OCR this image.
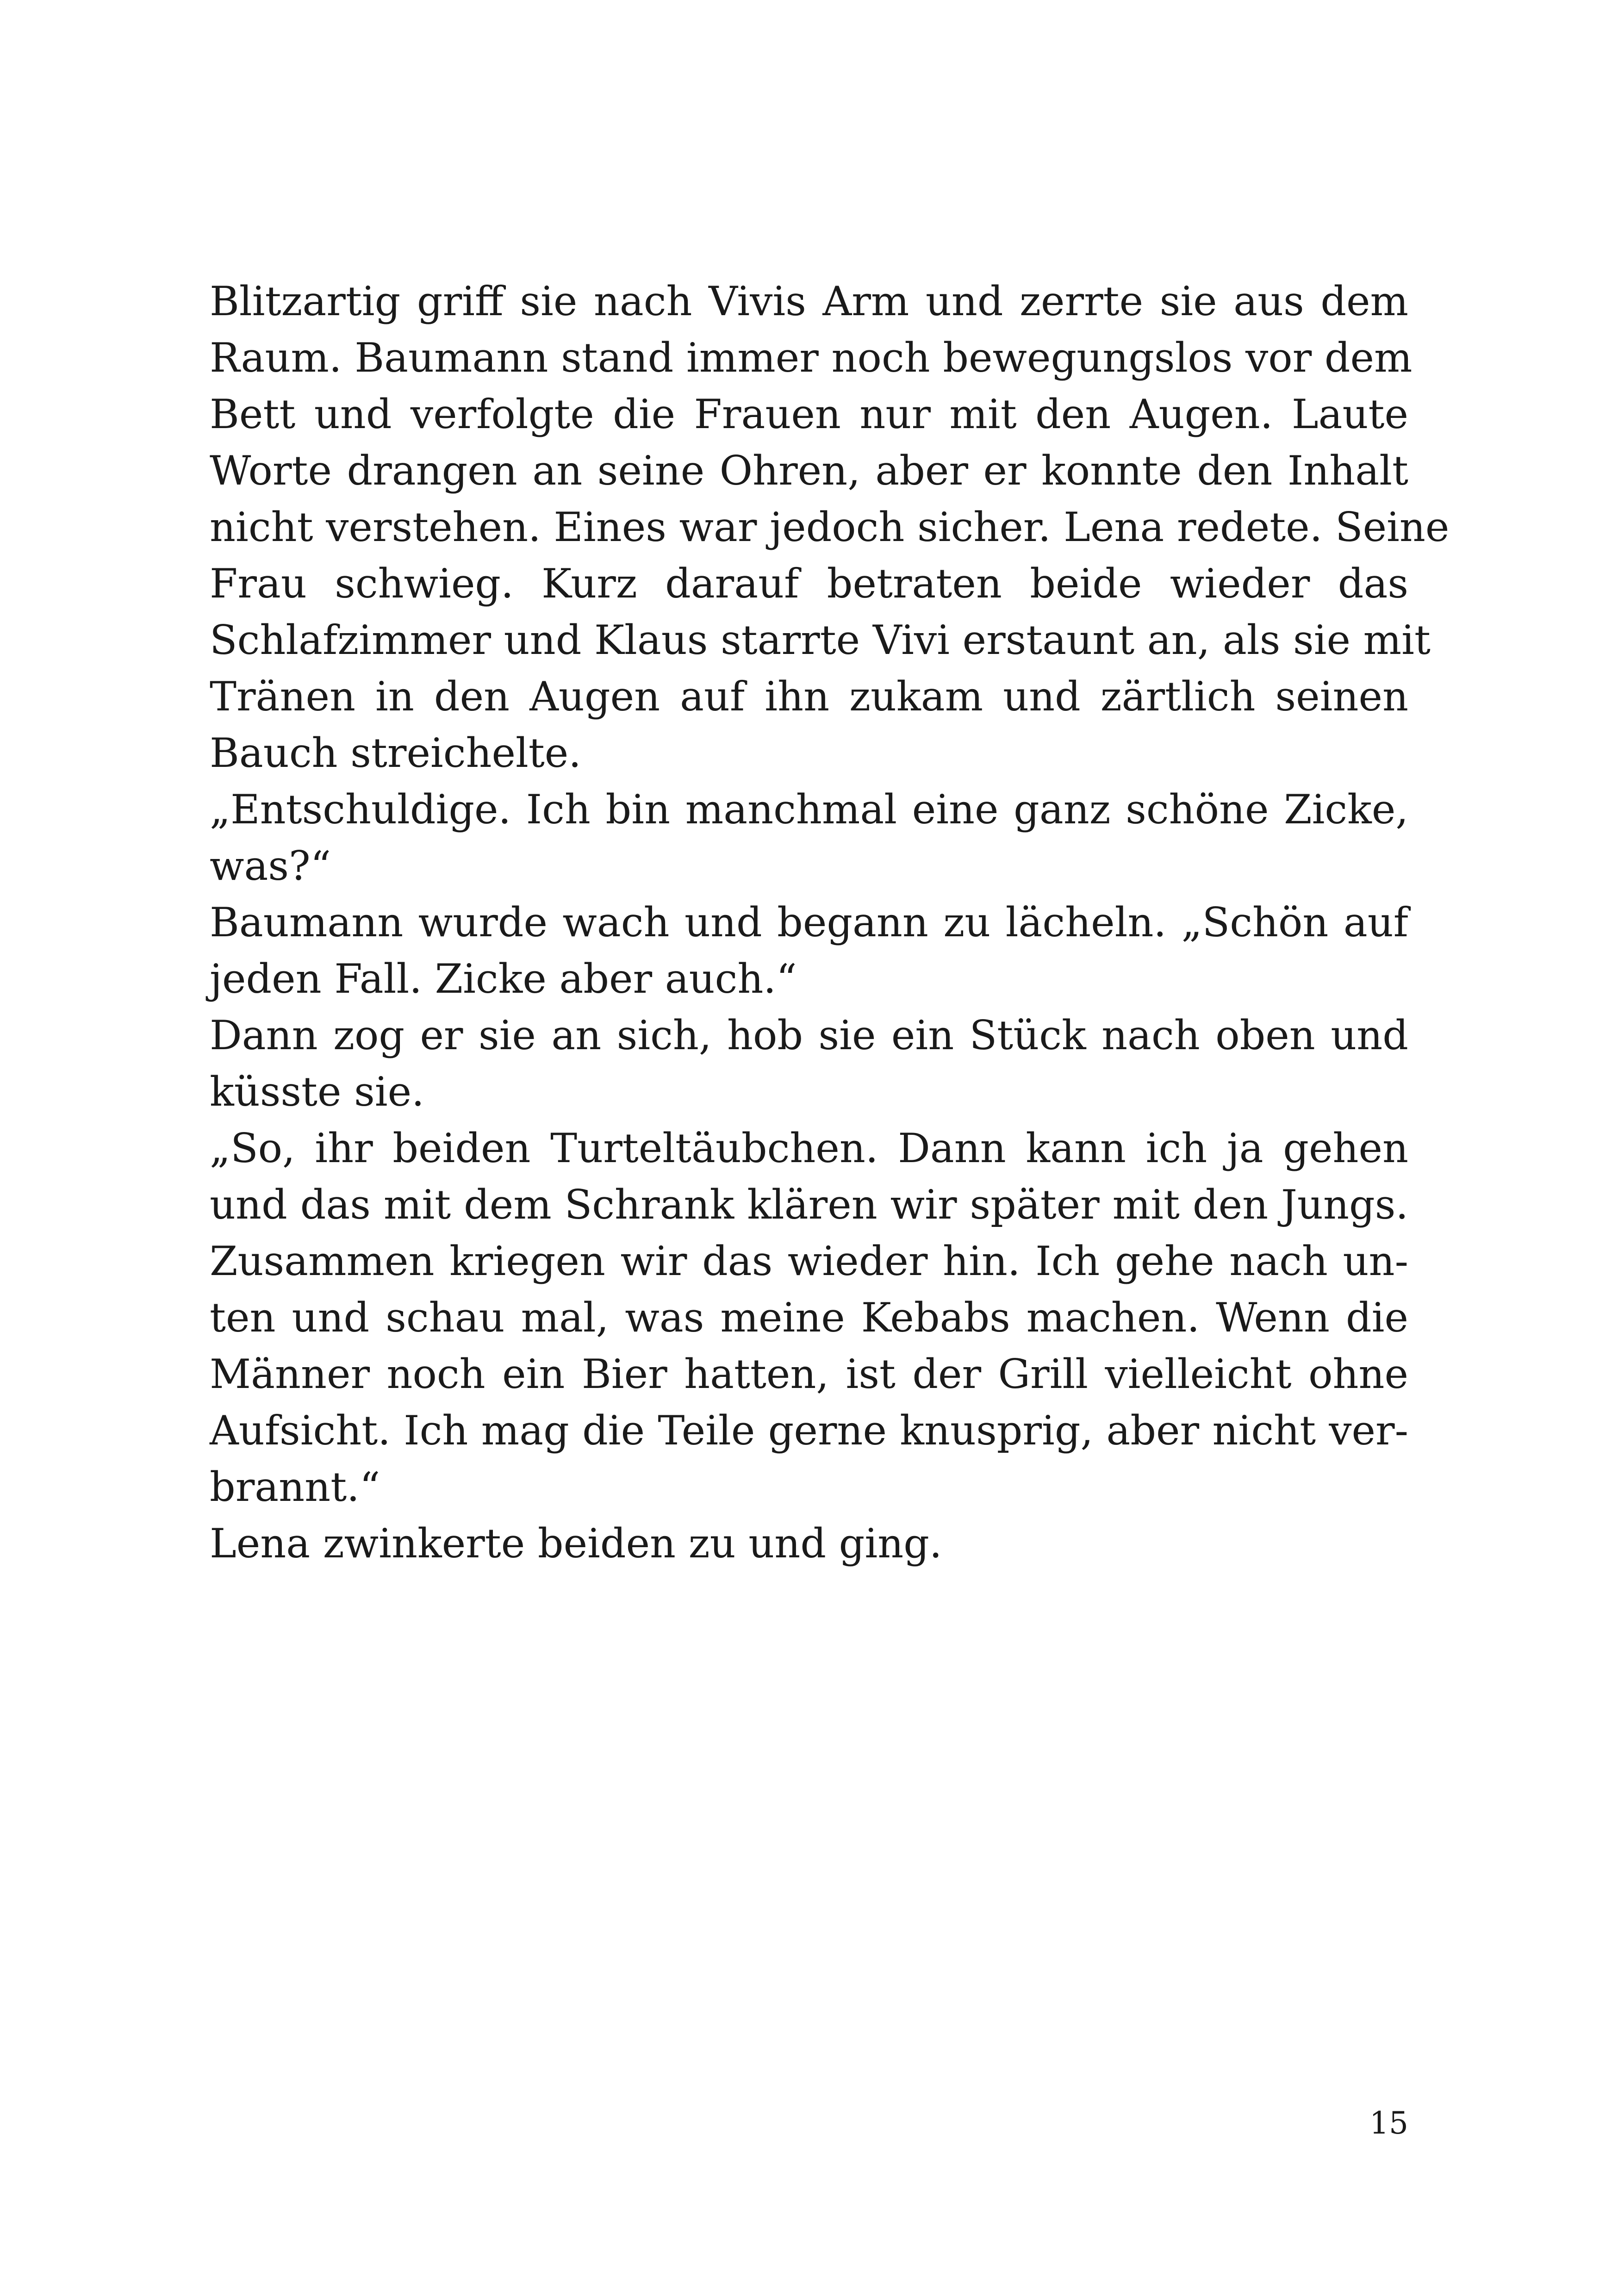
Blitzartig griff sie nach Vivis Arm und zerrte sie aus dem
Raum. Baumann stand immer noch bewegungslos vor dem
Bett und verfolgte die Frauen nur mit den Augen. Laute
Worte drangen an seine Ohren, aber er konnte den Inhalt
nicht verstehen. Eines war jedoch sicher. Lena redete. Seine
Frau schwieg. Kurz darauf betraten beide wieder das
Schlafzimmer und Klaus starrte Vivi erstaunt an, als sie mit
Tränen in den Augen auf ihn zukam und zärtlich seinen
Bauch streichelte.
„Entschuldige. Ich bin manchmal eine ganz schöne Zicke,
was?“
Baumann wurde wach und begann zu lächeln. „Schön auf
jeden Fall. Zicke aber auch.“
Dann zog er sie an sich, hob sie ein Stück nach oben und
küsste sie.
„So, ihr beiden Turteltäubchen. Dann kann ich ja gehen
und das mit dem Schrank klären wir später mit den Jungs.
Zusammen kriegen wir das wieder hin. Ich gehe nach un-
ten und schau mal, was meine Kebabs machen. Wenn die
Männer noch ein Bier hatten, ist der Grill vielleicht ohne
Aufsicht. Ich mag die Teile gerne knusprig, aber nicht ver-
brannt.“
Lena zwinkerte beiden zu und ging.
15
